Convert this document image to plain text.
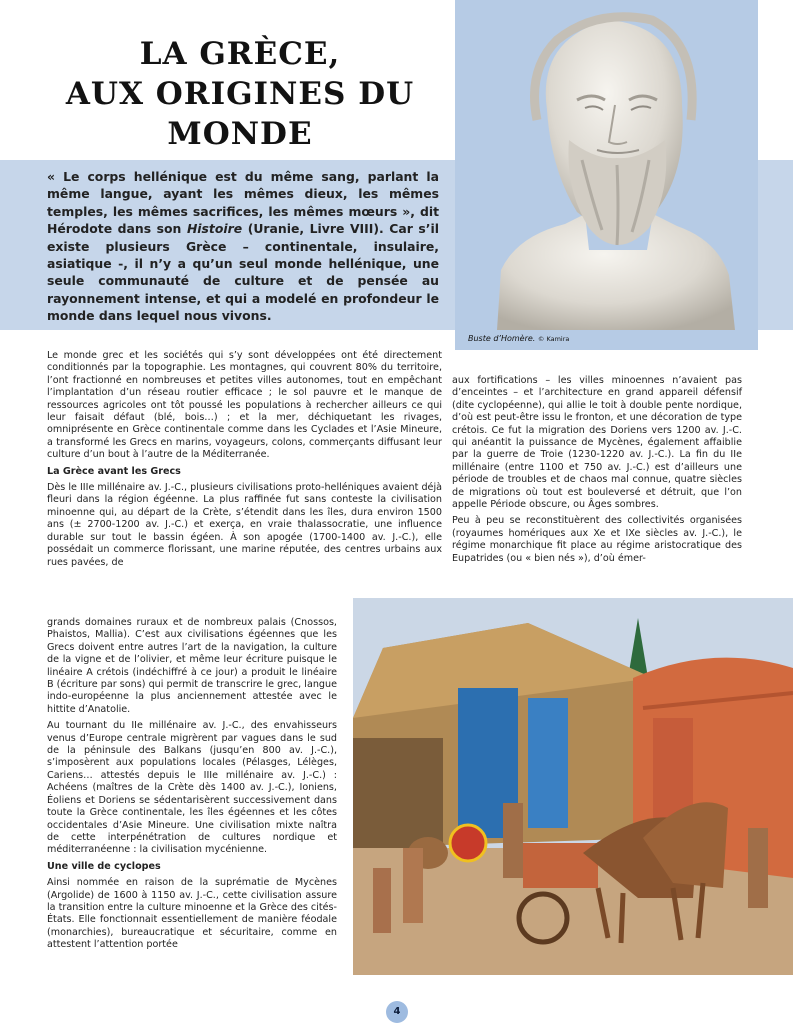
LA GRÈCE,
AUX ORIGINES DU
MONDE
Buste d’Homère. © Kamira

« Le corps hellénique est du même sang, parlant la même langue, ayant les mêmes dieux, les mêmes temples, les mêmes sacrifices, les mêmes mœurs », dit Hérodote dans son Histoire (Uranie, Livre VIII). Car s’il existe plusieurs Grèce – continentale, insulaire, asiatique -, il n’y a qu’un seul monde hellénique, une seule communauté de culture et de pensée au rayonnement intense, et qui a modelé en profondeur le monde dans lequel nous vivons.

Le monde grec et les sociétés qui s’y sont développées ont été directement conditionnés par la topographie. Les montagnes, qui couvrent 80% du territoire, l’ont fractionné en nombreuses et petites villes autonomes, tout en empêchant l’implantation d’un réseau routier efficace ; le sol pauvre et le manque de ressources agricoles ont tôt poussé les populations à rechercher ailleurs ce qui leur faisait défaut (blé, bois…) ; et la mer, déchiquetant les rivages, omniprésente en Grèce continentale comme dans les Cyclades et l’Asie Mineure, a transformé les Grecs en marins, voyageurs, colons, commerçants diffusant leur culture d’un bout à l’autre de la Méditerranée.

La Grèce avant les Grecs

Dès le IIIe millénaire av. J.-C., plusieurs civilisations proto-helléniques avaient déjà fleuri dans la région égéenne. La plus raffinée fut sans conteste la civilisation minoenne qui, au départ de la Crète, s’étendit dans les îles, dura environ 1500 ans (± 2700-1200 av. J.-C.) et exerça, en vraie thalassocratie, une influence durable sur tout le bassin égéen. À son apogée (1700-1400 av. J.-C.), elle possédait un commerce florissant, une marine réputée, des centres urbains aux rues pavées, de

grands domaines ruraux et de nombreux palais (Cnossos, Phaistos, Mallia). C’est aux civilisations égéennes que les Grecs doivent entre autres l’art de la navigation, la culture de la vigne et de l’olivier, et même leur écriture puisque le linéaire A crétois (indéchiffré à ce jour) a produit le linéaire B (écriture par sons) qui permit de transcrire le grec, langue indo-européenne la plus anciennement attestée avec le hittite d’Anatolie.

Au tournant du IIe millénaire av. J.-C., des envahisseurs venus d’Europe centrale migrèrent par vagues dans le sud de la péninsule des Balkans (jusqu’en 800 av. J.-C.), s’imposèrent aux populations locales (Pélasges, Lélèges, Cariens… attestés depuis le IIIe millénaire av. J.-C.) : Achéens (maîtres de la Crète dès 1400 av. J.-C.), Ioniens, Éoliens et Doriens se sédentarisèrent successivement dans toute la Grèce continentale, les îles égéennes et les côtes occidentales d’Asie Mineure. Une civilisation mixte naîtra de cette interpénétration de cultures nordique et méditerranéenne : la civilisation mycénienne.

Une ville de cyclopes

Ainsi nommée en raison de la suprématie de Mycènes (Argolide) de 1600 à 1150 av. J.-C., cette civilisation assure la transition entre la culture minoenne et la Grèce des cités-États. Elle fonctionnait essentiellement de manière féodale (monarchies), bureaucratique et sécuritaire, comme en attestent l’attention portée

aux fortifications – les villes minoennes n’avaient pas d’enceintes – et l’architecture en grand appareil défensif (dite cyclopéenne), qui allie le toit à double pente nordique, d’où est peut-être issu le fronton, et une décoration de type crétois. Ce fut la migration des Doriens vers 1200 av. J.-C. qui anéantit la puissance de Mycènes, également affaiblie par la guerre de Troie (1230-1220 av. J.-C.). La fin du IIe millénaire (entre 1100 et 750 av. J.-C.) est d’ailleurs une période de troubles et de chaos mal connue, quatre siècles de migrations où tout est bouleversé et détruit, que l’on appelle Période obscure, ou Âges sombres.

Peu à peu se reconstituèrent des collectivités organisées (royaumes homériques aux Xe et IXe siècles av. J.-C.), le régime monarchique fit place au régime aristocratique des Eupatrides (ou « bien nés »), d’où émer-

4
